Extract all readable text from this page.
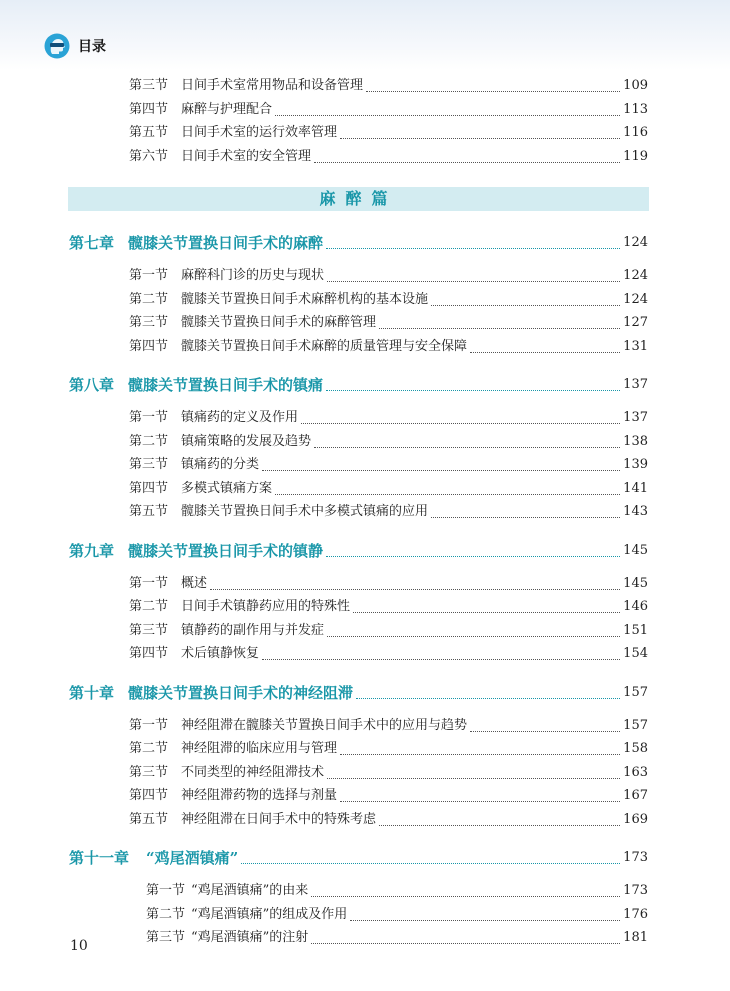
目录
第三节 日间手术室常用物品和设备管理	109
第四节 麻醉与护理配合	113
第五节 日间手术室的运行效率管理	116
第六节 日间手术室的安全管理	119
麻醉篇
第七章 髋膝关节置换日间手术的麻醉	124
第一节 麻醉科门诊的历史与现状	124
第二节 髋膝关节置换日间手术麻醉机构的基本设施	124
第三节 髋膝关节置换日间手术的麻醉管理	127
第四节 髋膝关节置换日间手术麻醉的质量管理与安全保障	131
第八章 髋膝关节置换日间手术的镇痛	137
第一节 镇痛药的定义及作用	137
第二节 镇痛策略的发展及趋势	138
第三节 镇痛药的分类	139
第四节 多模式镇痛方案	141
第五节 髋膝关节置换日间手术中多模式镇痛的应用	143
第九章 髋膝关节置换日间手术的镇静	145
第一节 概述	145
第二节 日间手术镇静药应用的特殊性	146
第三节 镇静药的副作用与并发症	151
第四节 术后镇静恢复	154
第十章 髋膝关节置换日间手术的神经阻滞	157
第一节 神经阻滞在髋膝关节置换日间手术中的应用与趋势	157
第二节 神经阻滞的临床应用与管理	158
第三节 不同类型的神经阻滞技术	163
第四节 神经阻滞药物的选择与剂量	167
第五节 神经阻滞在日间手术中的特殊考虑	169
第十一章 “鸡尾酒镇痛”	173
第一节 “鸡尾酒镇痛”的由来	173
第二节 “鸡尾酒镇痛”的组成及作用	176
第三节 “鸡尾酒镇痛”的注射	181
10
